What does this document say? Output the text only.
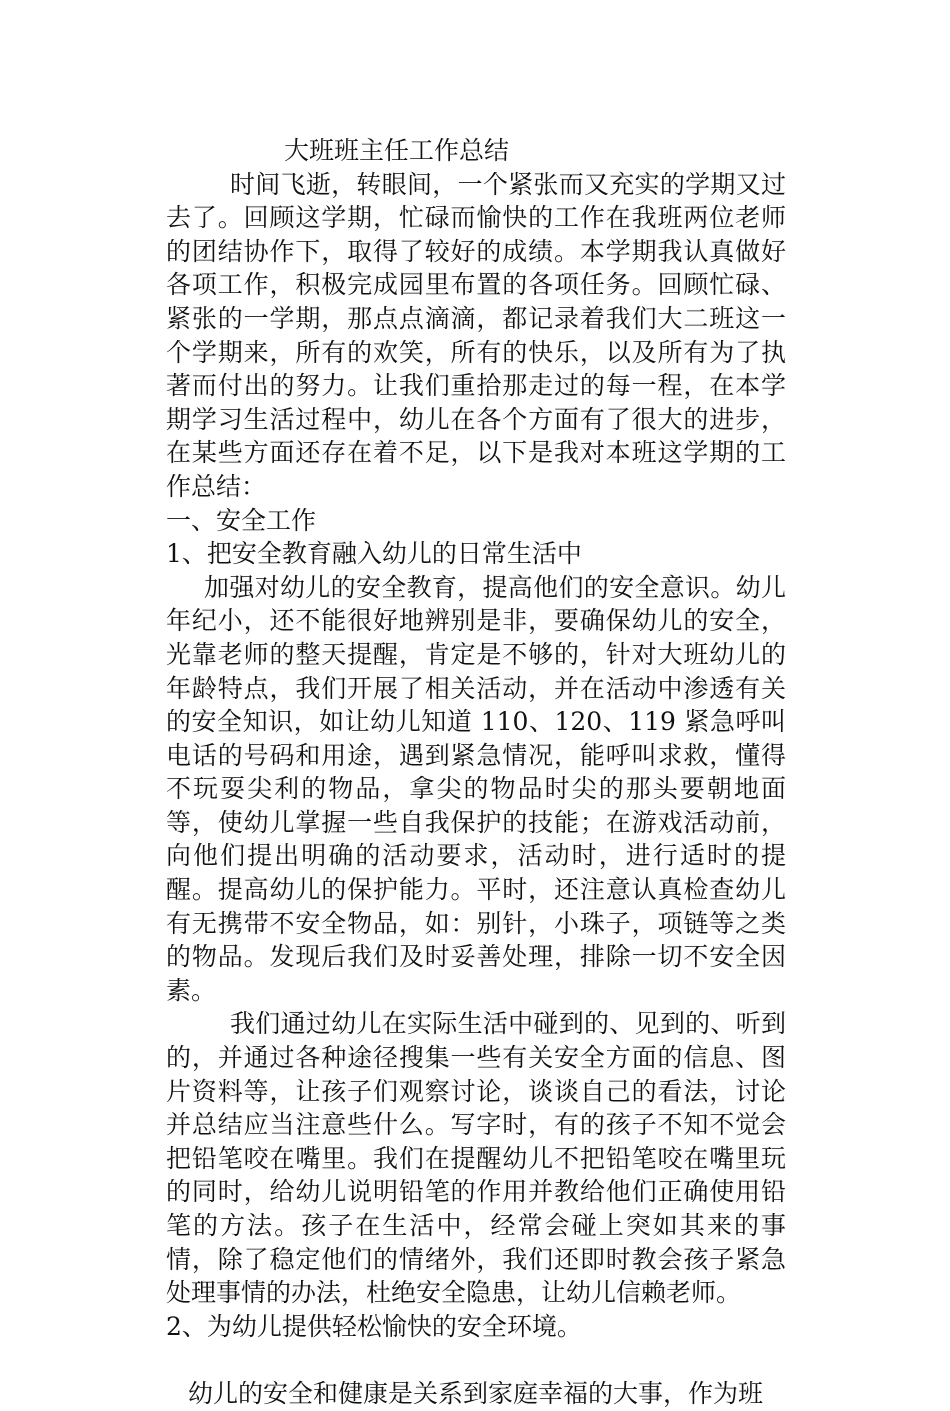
大班班主任工作总结

时间飞逝，转眼间，一个紧张而又充实的学期又过去了。回顾这学期，忙碌而愉快的工作在我班两位老师的团结协作下，取得了较好的成绩。本学期我认真做好各项工作，积极完成园里布置的各项任务。回顾忙碌、紧张的一学期，那点点滴滴，都记录着我们大二班这一个学期来，所有的欢笑，所有的快乐，以及所有为了执著而付出的努力。让我们重拾那走过的每一程，在本学期学习生活过程中，幼儿在各个方面有了很大的进步，在某些方面还存在着不足，以下是我对本班这学期的工作总结：

一、安全工作

1、把安全教育融入幼儿的日常生活中

加强对幼儿的安全教育，提高他们的安全意识。幼儿年纪小，还不能很好地辨别是非，要确保幼儿的安全，光靠老师的整天提醒，肯定是不够的，针对大班幼儿的年龄特点，我们开展了相关活动，并在活动中渗透有关的安全知识，如让幼儿知道 110、120、119 紧急呼叫电话的号码和用途，遇到紧急情况，能呼叫求救，懂得不玩耍尖利的物品，拿尖的物品时尖的那头要朝地面等，使幼儿掌握一些自我保护的技能；在游戏活动前，向他们提出明确的活动要求，活动时，进行适时的提醒。提高幼儿的保护能力。平时，还注意认真检查幼儿有无携带不安全物品，如：别针，小珠子，项链等之类的物品。发现后我们及时妥善处理，排除一切不安全因素。

我们通过幼儿在实际生活中碰到的、见到的、听到的，并通过各种途径搜集一些有关安全方面的信息、图片资料等，让孩子们观察讨论，谈谈自己的看法，讨论并总结应当注意些什么。写字时，有的孩子不知不觉会把铅笔咬在嘴里。我们在提醒幼儿不把铅笔咬在嘴里玩的同时，给幼儿说明铅笔的作用并教给他们正确使用铅笔的方法。孩子在生活中，经常会碰上突如其来的事情，除了稳定他们的情绪外，我们还即时教会孩子紧急处理事情的办法，杜绝安全隐患，让幼儿信赖老师。

2、为幼儿提供轻松愉快的安全环境。

幼儿的安全和健康是关系到家庭幸福的大事，作为班
